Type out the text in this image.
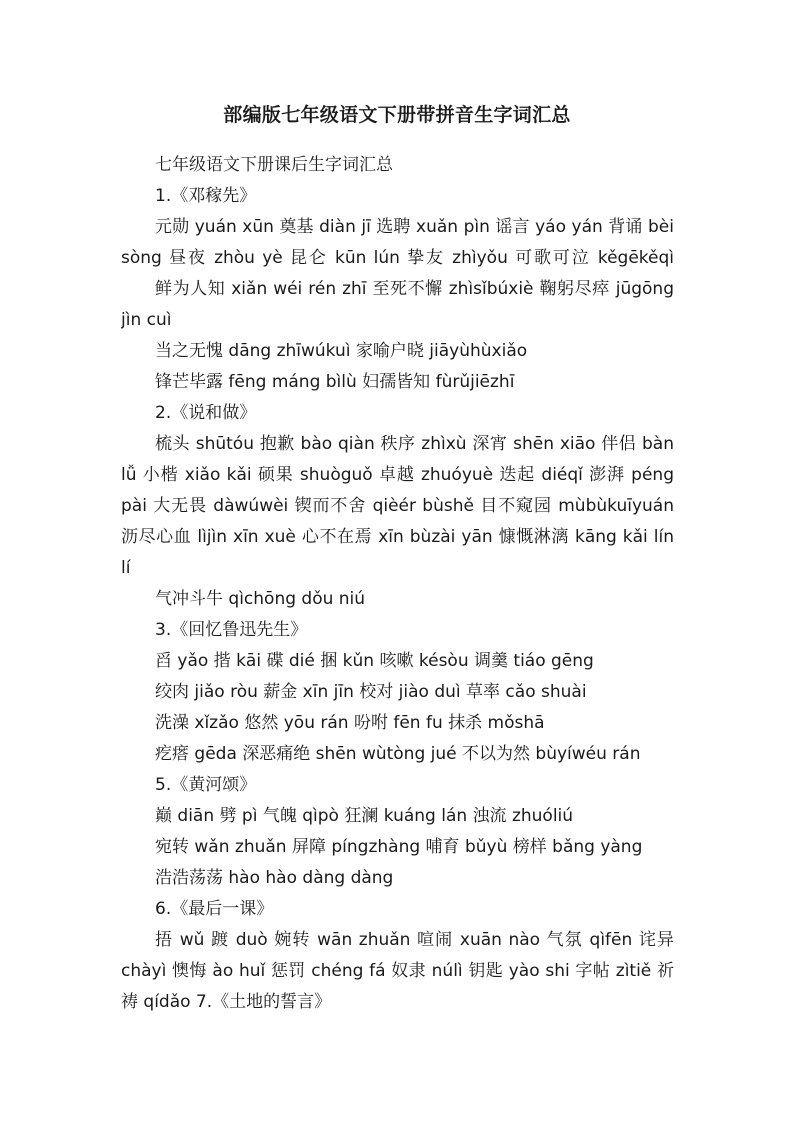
部编版七年级语文下册带拼音生字词汇总
七年级语文下册课后生字词汇总
1.《邓稼先》
元勋 yuán xūn 奠基 diàn jī 选聘 xuǎn pìn 谣言 yáo yán 背诵 bèi
sòng 昼夜 zhòu yè 昆仑 kūn lún 挚友 zhìyǒu 可歌可泣 kěgēkěqì
鲜为人知 xiǎn wéi rén zhī 至死不懈 zhìsǐbúxiè 鞠躬尽瘁 jūgōng
jìn cuì
当之无愧 dāng zhīwúkuì 家喻户晓 jiāyùhùxiǎo
锋芒毕露 fēng máng bìlù 妇孺皆知 fùrǔjiēzhī
2.《说和做》
梳头 shūtóu 抱歉 bào qiàn 秩序 zhìxù 深宵 shēn xiāo 伴侣 bàn
lǚ 小楷 xiǎo kǎi 硕果 shuòguǒ 卓越 zhuóyuè 迭起 diéqǐ 澎湃 péng
pài 大无畏 dàwúwèi 锲而不舍 qièér bùshě 目不窥园 mùbùkuīyuán
沥尽心血 lìjìn xīn xuè 心不在焉 xīn bùzài yān 慷慨淋漓 kāng kǎi lín
lí
气冲斗牛 qìchōng dǒu niú
3.《回忆鲁迅先生》
舀 yǎo 揩 kāi 碟 dié 捆 kǔn 咳嗽 késòu 调羹 tiáo gēng
绞肉 jiǎo ròu 薪金 xīn jīn 校对 jiào duì 草率 cǎo shuài
洗澡 xǐzǎo 悠然 yōu rán 吩咐 fēn fu 抹杀 mǒshā
疙瘩 gēda 深恶痛绝 shēn wùtòng jué 不以为然 bùyíwéu rán
5.《黄河颂》
巅 diān 劈 pì 气魄 qìpò 狂澜 kuáng lán 浊流 zhuóliú
宛转 wǎn zhuǎn 屏障 píngzhàng 哺育 bǔyù 榜样 bǎng yàng
浩浩荡荡 hào hào dàng dàng
6.《最后一课》
捂 wǔ 踱 duò 婉转 wān zhuǎn 喧闹 xuān nào 气氛 qìfēn 诧异
chàyì 懊悔 ào huǐ 惩罚 chéng fá 奴隶 núlì 钥匙 yào shi 字帖 zìtiě 祈
祷 qídǎo 7.《土地的誓言》
